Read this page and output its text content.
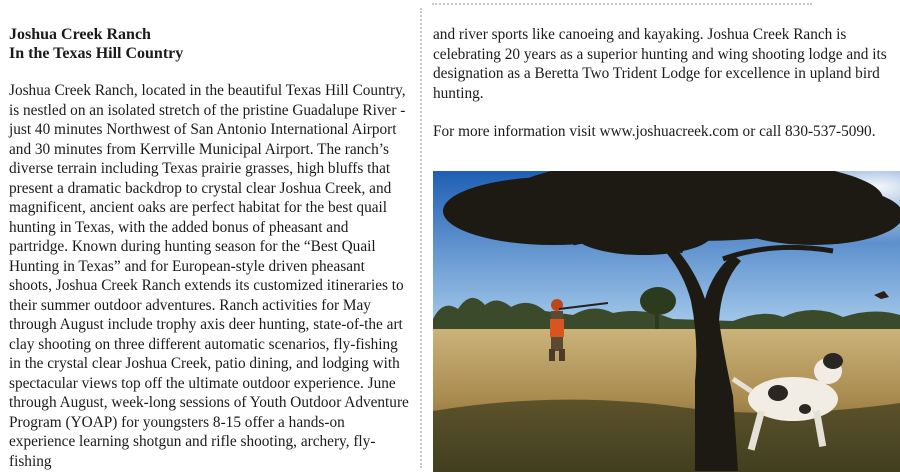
Joshua Creek Ranch
In the Texas Hill Country

Joshua Creek Ranch, located in the beautiful Texas Hill Country, is nestled on an isolated stretch of the pristine Guadalupe River - just 40 minutes Northwest of San Antonio International Airport and 30 minutes from Kerrville Municipal Airport. The ranch’s diverse terrain including Texas prairie grasses, high bluffs that present a dramatic backdrop to crystal clear Joshua Creek, and magnificent, ancient oaks are perfect habitat for the best quail hunting in Texas, with the added bonus of pheasant and partridge. Known during hunting season for the “Best Quail Hunting in Texas” and for European-style driven pheasant shoots, Joshua Creek Ranch extends its customized itineraries to their summer outdoor adventures. Ranch activities for May through August include trophy axis deer hunting, state-of-the art clay shooting on three different automatic scenarios, fly-fishing in the crystal clear Joshua Creek, patio dining, and lodging with spectacular views top off the ultimate outdoor experience. June through August, week-long sessions of Youth Outdoor Adventure Program (YOAP) for youngsters 8-15 offer a hands-on experience learning shotgun and rifle shooting, archery, fly-fishing

and river sports like canoeing and kayaking. Joshua Creek Ranch is celebrating 20 years as a superior hunting and wing shooting lodge and its designation as a Beretta Two Trident Lodge for excellence in upland bird hunting.

For more information visit www.joshuacreek.com or call 830-537-5090.
